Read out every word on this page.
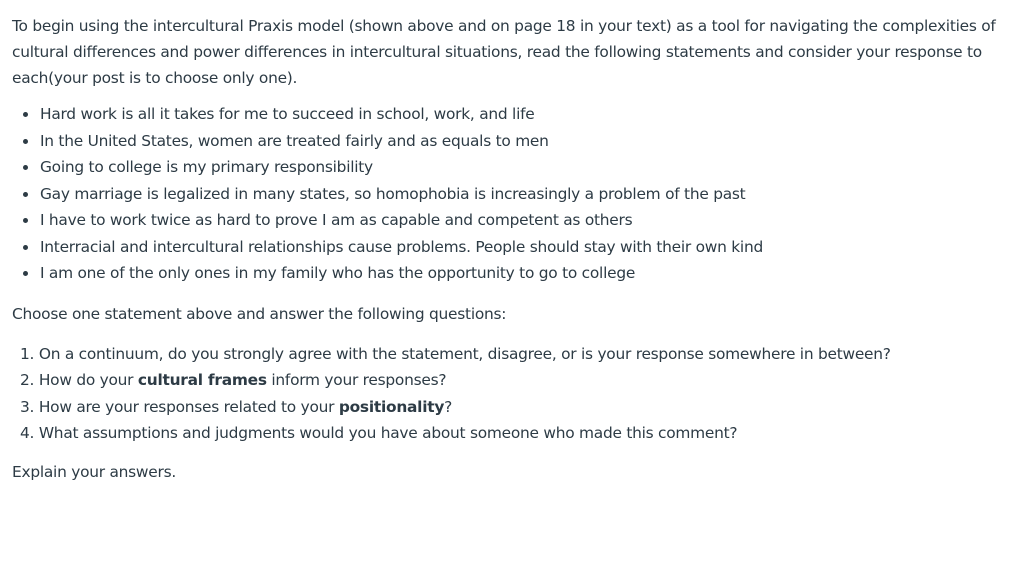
To begin using the intercultural Praxis model (shown above and on page 18 in your text) as a tool for navigating the complexities of cultural differences and power differences in intercultural situations, read the following statements and consider your response to each(your post is to choose only one).

Hard work is all it takes for me to succeed in school, work, and life
In the United States, women are treated fairly and as equals to men
Going to college is my primary responsibility
Gay marriage is legalized in many states, so homophobia is increasingly a problem of the past
I have to work twice as hard to prove I am as capable and competent as others
Interracial and intercultural relationships cause problems. People should stay with their own kind
I am one of the only ones in my family who has the opportunity to go to college

Choose one statement above and answer the following questions:

1. On a continuum, do you strongly agree with the statement, disagree, or is your response somewhere in between?
2. How do your cultural frames inform your responses?
3. How are your responses related to your positionality?
4. What assumptions and judgments would you have about someone who made this comment?

Explain your answers.
